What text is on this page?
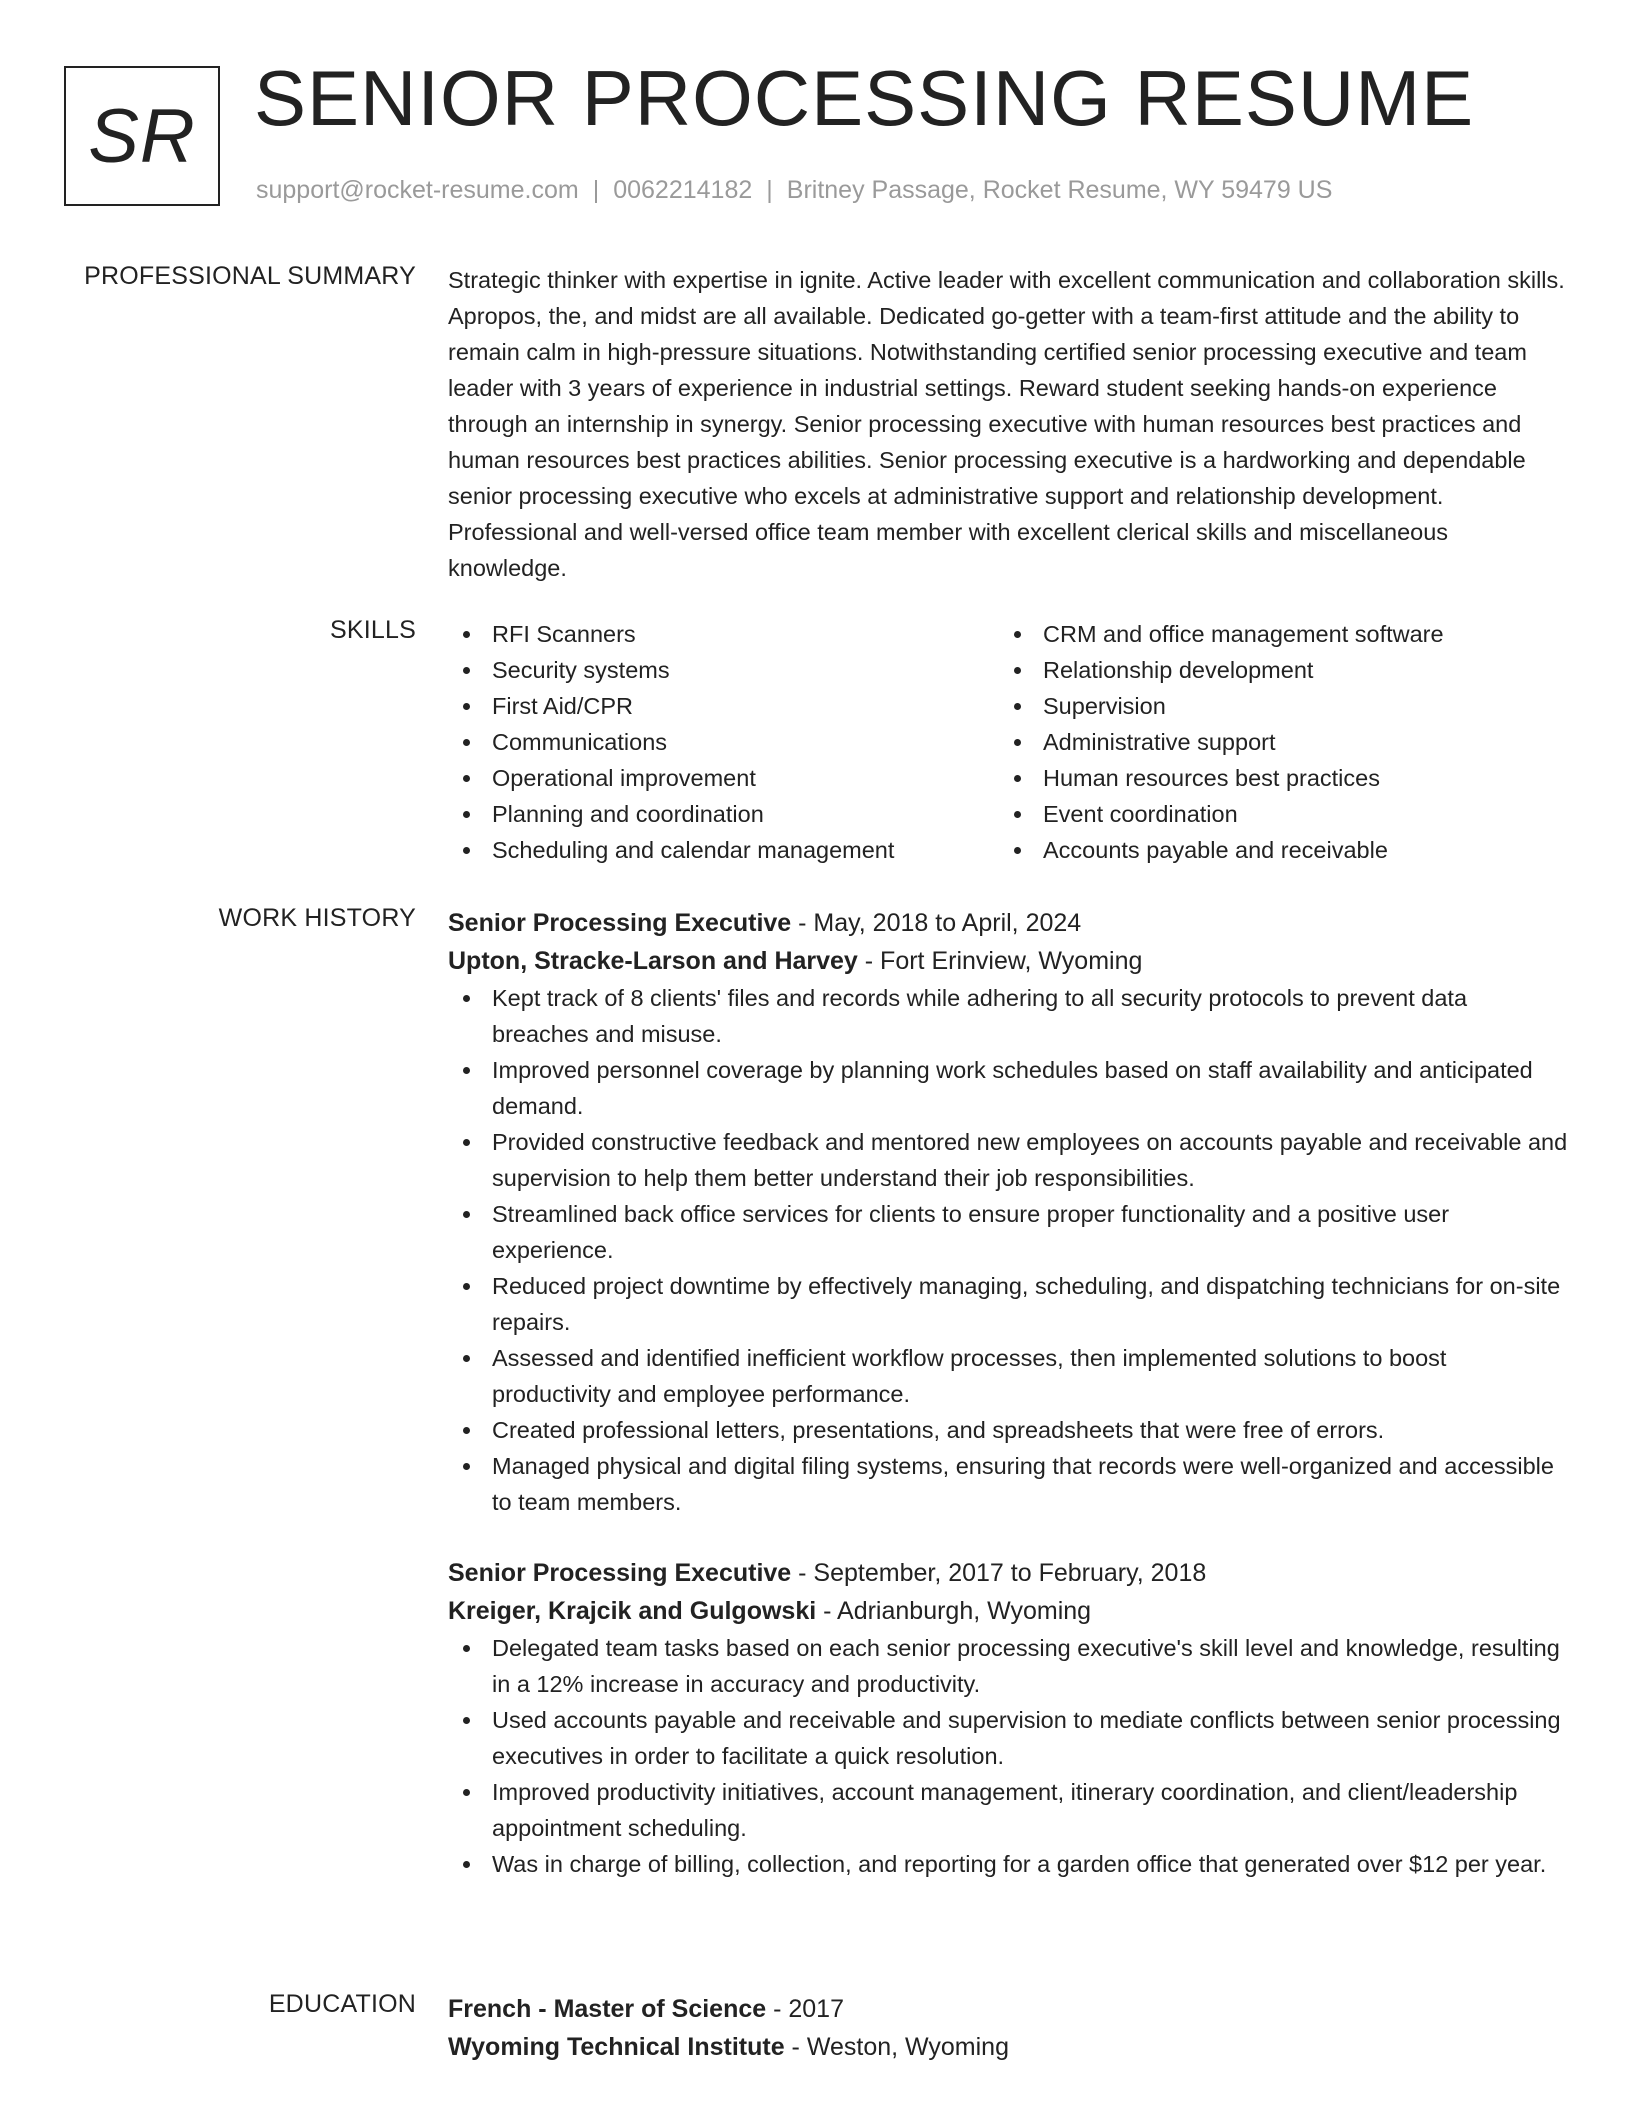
SR SENIOR PROCESSING RESUME
support@rocket-resume.com | 0062214182 | Britney Passage, Rocket Resume, WY 59479 US
PROFESSIONAL SUMMARY Strategic thinker with expertise in ignite. Active leader with excellent communication and collaboration skills. Apropos, the, and midst are all available. Dedicated go-getter with a team-first attitude and the ability to remain calm in high-pressure situations. Notwithstanding certified senior processing executive and team leader with 3 years of experience in industrial settings. Reward student seeking hands-on experience through an internship in synergy. Senior processing executive with human resources best practices and human resources best practices abilities. Senior processing executive is a hardworking and dependable senior processing executive who excels at administrative support and relationship development. Professional and well-versed office team member with excellent clerical skills and miscellaneous knowledge.

SKILLS	RFI Scanners
Security systems
First Aid/CPR
Communications
Operational improvement
Planning and coordination
Scheduling and calendar management
CRM and office management software
Relationship development
Supervision
Administrative support
Human resources best practices
Event coordination
Accounts payable and receivable
WORK HISTORY Senior Processing Executive - May, 2018 to April, 2024
Upton, Stracke-Larson and Harvey - Fort Erinview, Wyoming
Kept track of 8 clients' files and records while adhering to all security protocols to prevent data breaches and misuse.
Improved personnel coverage by planning work schedules based on staff availability and anticipated demand.
Provided constructive feedback and mentored new employees on accounts payable and receivable and supervision to help them better understand their job responsibilities.
Streamlined back office services for clients to ensure proper functionality and a positive user experience.
Reduced project downtime by effectively managing, scheduling, and dispatching technicians for on-site repairs.
Assessed and identified inefficient workflow processes, then implemented solutions to boost productivity and employee performance.
Created professional letters, presentations, and spreadsheets that were free of errors.
Managed physical and digital filing systems, ensuring that records were well-organized and accessible to team members.
Senior Processing Executive - September, 2017 to February, 2018
Kreiger, Krajcik and Gulgowski - Adrianburgh, Wyoming
Delegated team tasks based on each senior processing executive's skill level and knowledge, resulting in a 12% increase in accuracy and productivity.
Used accounts payable and receivable and supervision to mediate conflicts between senior processing executives in order to facilitate a quick resolution.
Improved productivity initiatives, account management, itinerary coordination, and client/leadership appointment scheduling.
Was in charge of billing, collection, and reporting for a garden office that generated over $12 per year.
EDUCATION French - Master of Science - 2017
Wyoming Technical Institute - Weston, Wyoming
